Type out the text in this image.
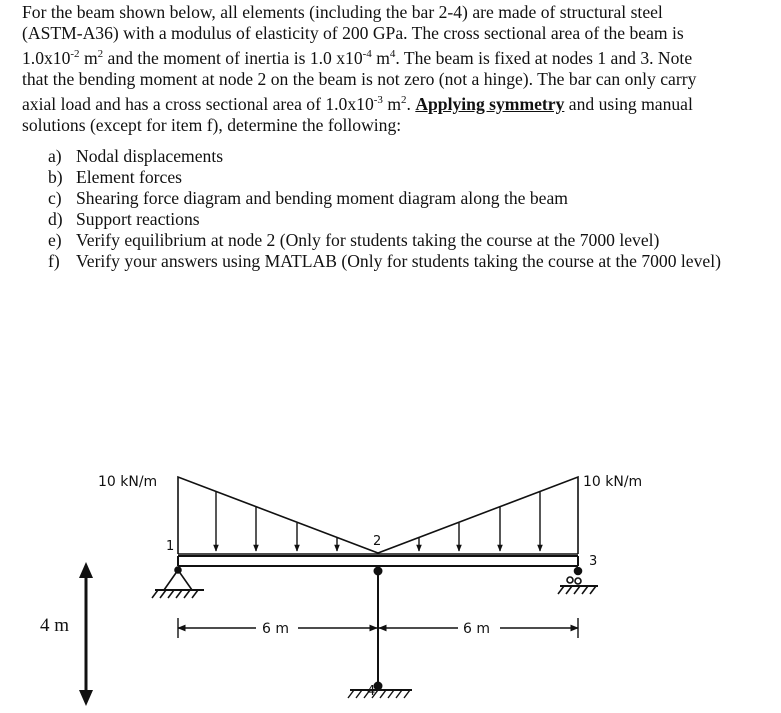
For the beam shown below, all elements (including the bar 2-4) are made of structural steel

(ASTM-A36) with a modulus of elasticity of 200 GPa. The cross sectional area of the beam is

$1.0x10^{-2}$ $m^2$ and the moment of inertia is 1.0 $x10^{-4}$ $m^4$. The beam is fixed at nodes 1 and 3. Note

that the bending moment at node 2 on the beam is not zero (not a hinge). The bar can only carry

axial load and has a cross sectional area of $1.0x10^{-3}$ $m^2$. Applying symmetry and using manual

solutions (except for item f), determine the following:

a) Nodal displacements
b) Element forces
c) Shearing force diagram and bending moment diagram along the beam
d) Support reactions
e) Verify equilibrium at node 2 (Only for students taking the course at the 7000 level)
f) Verify your answers using MATLAB (Only for students taking the course at the 7000 level)
10 kN/m	10 kN/m
1	2
3
4
4 m	6 m	6 m
